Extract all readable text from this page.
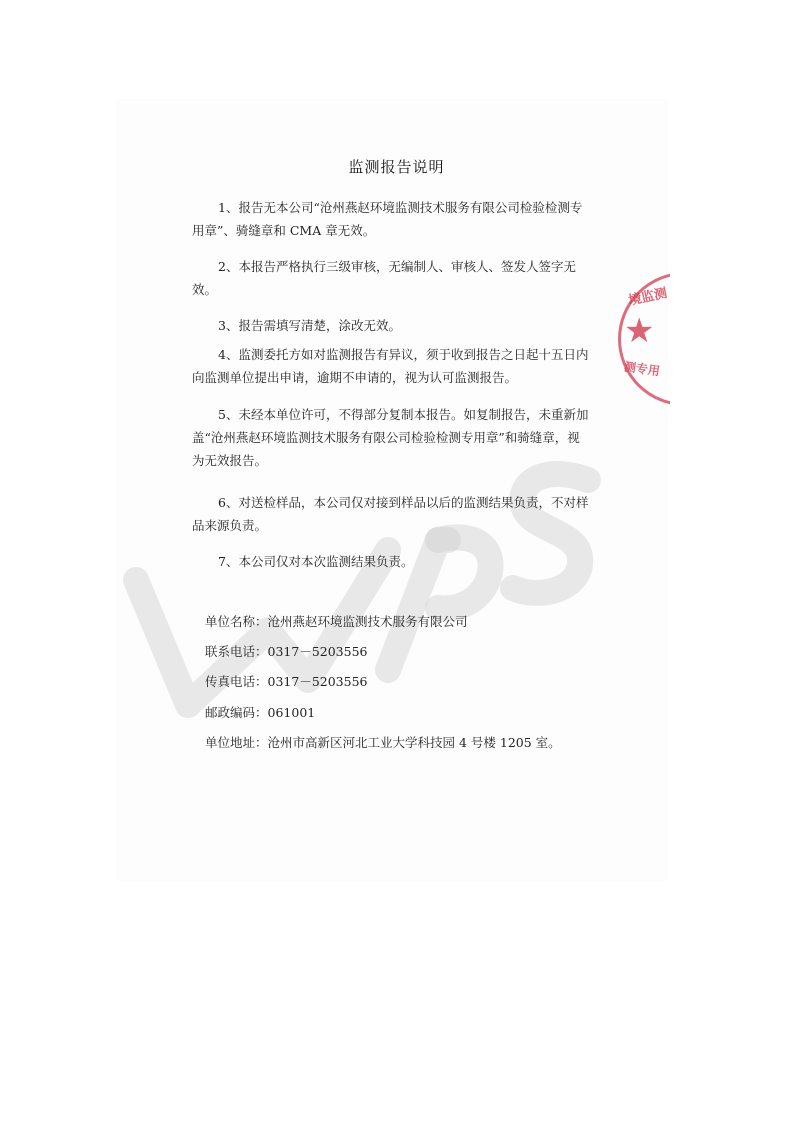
监测报告说明
1、报告无本公司“沧州燕赵环境监测技术服务有限公司检验检测专用章”、骑缝章和 CMA 章无效。
2、本报告严格执行三级审核，无编制人、审核人、签发人签字无效。
3、报告需填写清楚，涂改无效。
4、监测委托方如对监测报告有异议，须于收到报告之日起十五日内向监测单位提出申请，逾期不申请的，视为认可监测报告。
5、未经本单位许可，不得部分复制本报告。如复制报告，未重新加盖“沧州燕赵环境监测技术服务有限公司检验检测专用章”和骑缝章，视为无效报告。
6、对送检样品，本公司仅对接到样品以后的监测结果负责，不对样品来源负责。
7、本公司仅对本次监测结果负责。
单位名称：沧州燕赵环境监测技术服务有限公司
联系电话：0317－5203556
传真电话：0317－5203556
邮政编码：061001
单位地址：沧州市高新区河北工业大学科技园 4 号楼 1205 室。
境监测
★
测专用
